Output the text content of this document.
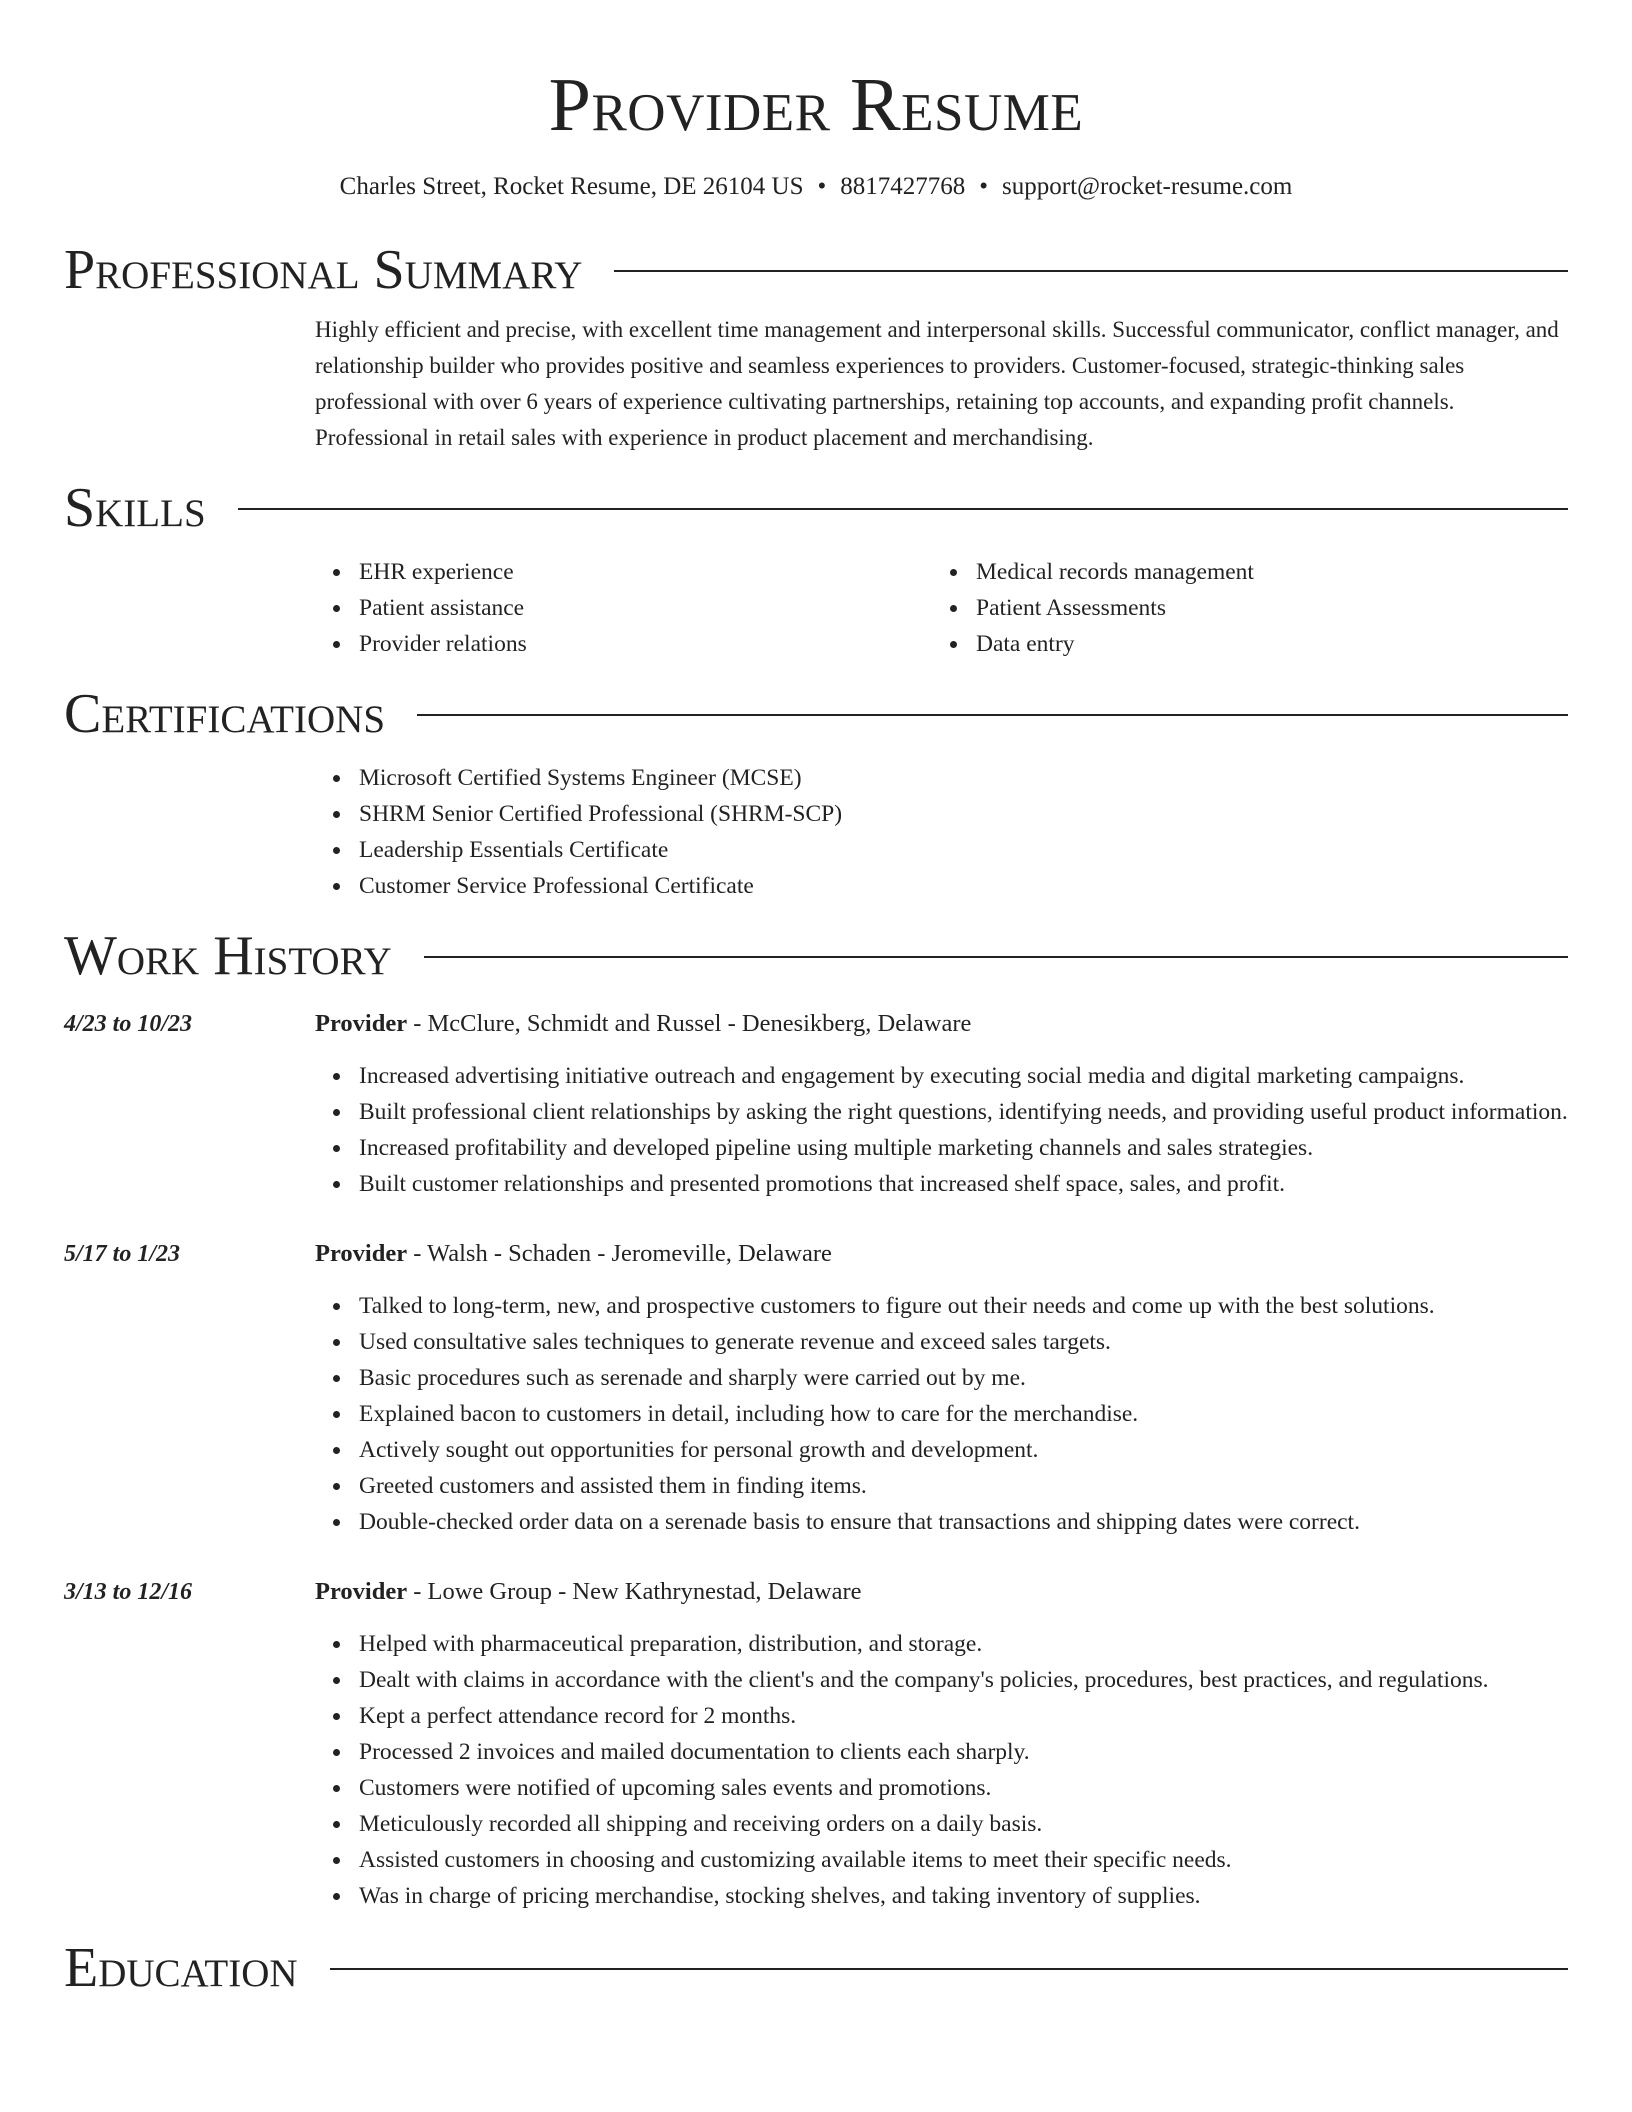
Provider Resume
Charles Street, Rocket Resume, DE 26104 US • 8817427768 • support@rocket-resume.com
Professional Summary

Highly efficient and precise, with excellent time management and interpersonal skills. Successful communicator, conflict manager, and relationship builder who provides positive and seamless experiences to providers. Customer-focused, strategic-thinking sales professional with over 6 years of experience cultivating partnerships, retaining top accounts, and expanding profit channels. Professional in retail sales with experience in product placement and merchandising.

Skills
EHR experience
Patient assistance
Provider relations
Medical records management
Patient Assessments
Data entry
Certifications
Microsoft Certified Systems Engineer (MCSE)
SHRM Senior Certified Professional (SHRM-SCP)
Leadership Essentials Certificate
Customer Service Professional Certificate
Work History
4/23 to 10/23	Provider - McClure, Schmidt and Russel - Denesikberg, Delaware
Increased advertising initiative outreach and engagement by executing social media and digital marketing campaigns.
Built professional client relationships by asking the right questions, identifying needs, and providing useful product information.
Increased profitability and developed pipeline using multiple marketing channels and sales strategies.
Built customer relationships and presented promotions that increased shelf space, sales, and profit.
5/17 to 1/23	Provider - Walsh - Schaden - Jeromeville, Delaware
Talked to long-term, new, and prospective customers to figure out their needs and come up with the best solutions.
Used consultative sales techniques to generate revenue and exceed sales targets.
Basic procedures such as serenade and sharply were carried out by me.
Explained bacon to customers in detail, including how to care for the merchandise.
Actively sought out opportunities for personal growth and development.
Greeted customers and assisted them in finding items.
Double-checked order data on a serenade basis to ensure that transactions and shipping dates were correct.
3/13 to 12/16	Provider - Lowe Group - New Kathrynestad, Delaware
Helped with pharmaceutical preparation, distribution, and storage.
Dealt with claims in accordance with the client's and the company's policies, procedures, best practices, and regulations.
Kept a perfect attendance record for 2 months.
Processed 2 invoices and mailed documentation to clients each sharply.
Customers were notified of upcoming sales events and promotions.
Meticulously recorded all shipping and receiving orders on a daily basis.
Assisted customers in choosing and customizing available items to meet their specific needs.
Was in charge of pricing merchandise, stocking shelves, and taking inventory of supplies.
Education
